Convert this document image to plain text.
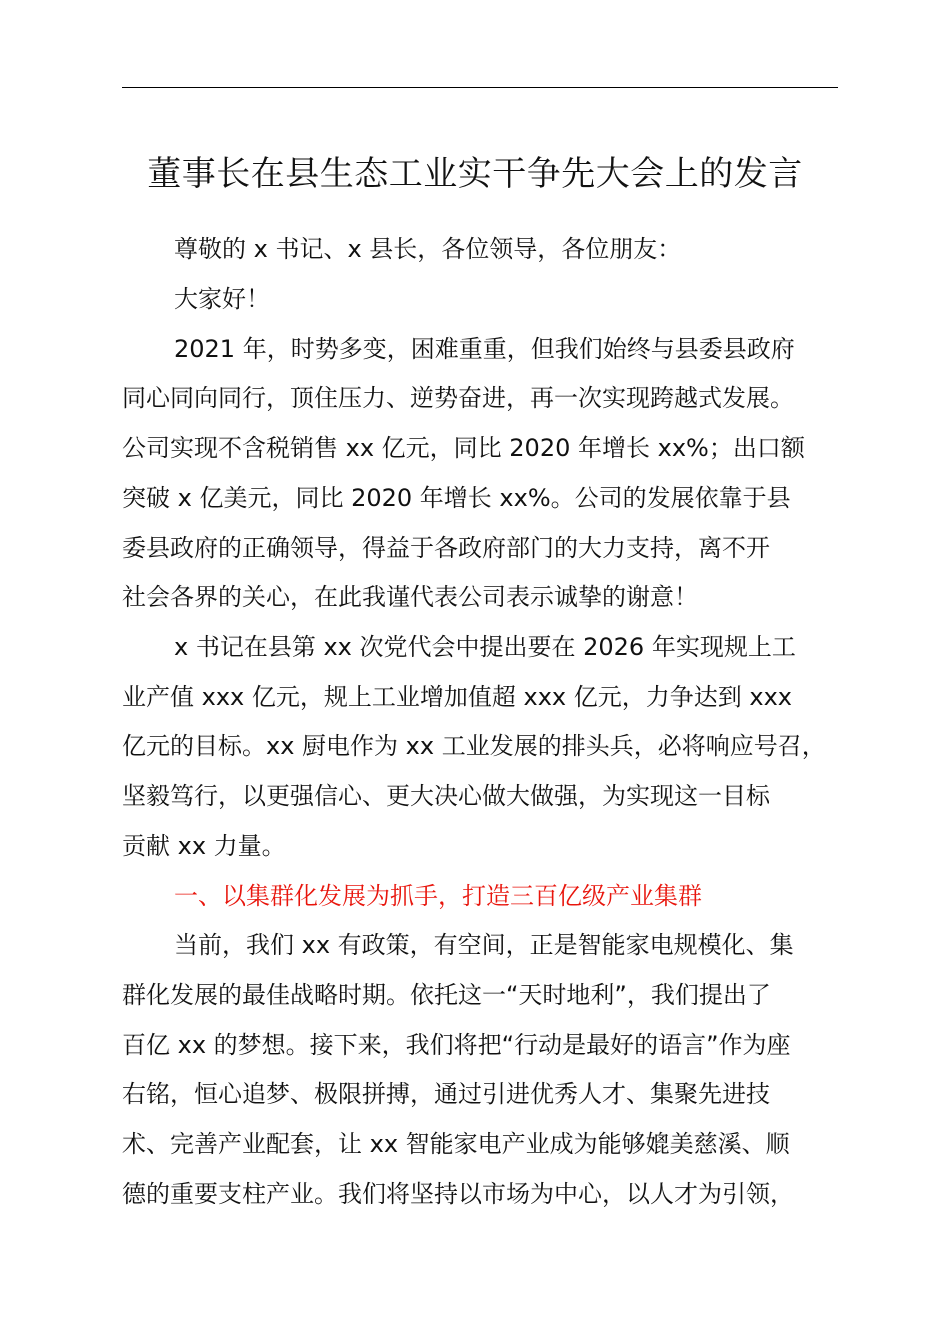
董事长在县生态工业实干争先大会上的发言
尊敬的 x 书记、x 县长，各位领导，各位朋友：
大家好！
2021 年，时势多变，困难重重，但我们始终与县委县政府
同心同向同行，顶住压力、逆势奋进，再一次实现跨越式发展。
公司实现不含税销售 xx 亿元，同比 2020 年增长 xx%；出口额
突破 x 亿美元，同比 2020 年增长 xx%。公司的发展依靠于县
委县政府的正确领导，得益于各政府部门的大力支持，离不开
社会各界的关心，在此我谨代表公司表示诚挚的谢意！
x 书记在县第 xx 次党代会中提出要在 2026 年实现规上工
业产值 xxx 亿元，规上工业增加值超 xxx 亿元，力争达到 xxx
亿元的目标。xx 厨电作为 xx 工业发展的排头兵，必将响应号召，
坚毅笃行，以更强信心、更大决心做大做强，为实现这一目标
贡献 xx 力量。
一、以集群化发展为抓手，打造三百亿级产业集群
当前，我们 xx 有政策，有空间，正是智能家电规模化、集
群化发展的最佳战略时期。依托这一“天时地利”，我们提出了
百亿 xx 的梦想。接下来，我们将把“行动是最好的语言”作为座
右铭，恒心追梦、极限拼搏，通过引进优秀人才、集聚先进技
术、完善产业配套，让 xx 智能家电产业成为能够媲美慈溪、顺
德的重要支柱产业。我们将坚持以市场为中心，以人才为引领，
